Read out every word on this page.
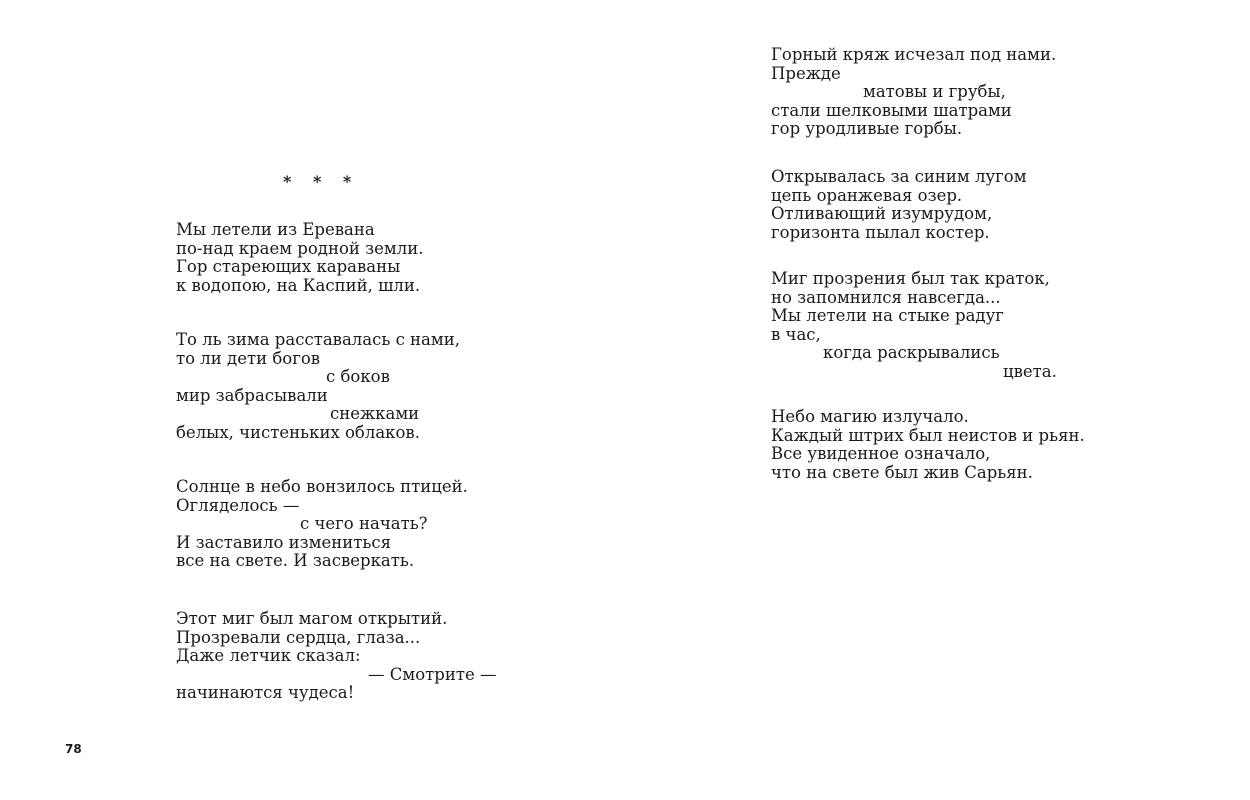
* * *
Мы летели из Еревана
по-над краем родной земли.
Гор стареющих караваны
к водопою, на Каспий, шли.
То ль зима расставалась с нами,
то ли дети богов
с боков
мир забрасывали
снежками
белых, чистеньких облаков.
Солнце в небо вонзилось птицей.
Огляделось —
с чего начать?
И заставило измениться
все на свете. И засверкать.
Этот миг был магом открытий.
Прозревали сердца, глаза...
Даже летчик сказал:
— Смотрите —
начинаются чудеса!
78
Горный кряж исчезал под нами.
Прежде
матовы и грубы,
стали шелковыми шатрами
гор уродливые горбы.
Открывалась за синим лугом
цепь оранжевая озер.
Отливающий изумрудом,
горизонта пылал костер.
Миг прозрения был так краток,
но запомнился навсегда...
Мы летели на стыке радуг
в час,
когда раскрывались
цвета.
Небо магию излучало.
Каждый штрих был неистов и рьян.
Все увиденное означало,
что на свете был жив Сарьян.
